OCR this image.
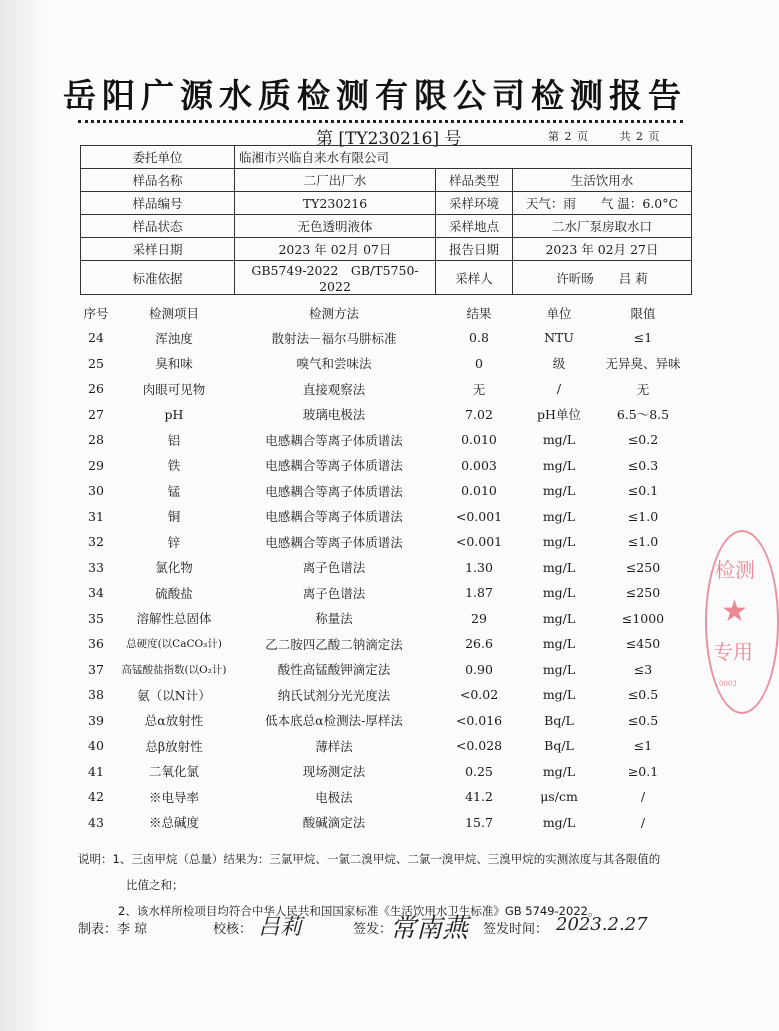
岳阳广源水质检测有限公司检测报告
第 [TY230216] 号	第 2 页	共 2 页
委托单位	临湘市兴临自来水有限公司		
样品名称	二厂出厂水	样品类型	生活饮用水
样品编号	TY230216	采样环境	天气：雨　　气 温：6.0°C
样品状态	无色透明液体	采样地点	二水厂泵房取水口
采样日期	2023 年 02月 07日	报告日期	2023 年 02月 27日
标准依据	GB5749-2022　GB/T5750-2022	采样人	许昕旸　　吕 莉
序号	检测项目	检测方法	结果	单位	限值
24	浑浊度	散射法－福尔马肼标准	0.8	NTU	≤1
25	臭和味	嗅气和尝味法	0	级	无异臭、异味
26	肉眼可见物	直接观察法	无	/	无
27	pH	玻璃电极法	7.02	pH单位	6.5～8.5
28	铝	电感耦合等离子体质谱法	0.010	mg/L	≤0.2
29	铁	电感耦合等离子体质谱法	0.003	mg/L	≤0.3
30	锰	电感耦合等离子体质谱法	0.010	mg/L	≤0.1
31	铜	电感耦合等离子体质谱法	<0.001	mg/L	≤1.0
32	锌	电感耦合等离子体质谱法	<0.001	mg/L	≤1.0
33	氯化物	离子色谱法	1.30	mg/L	≤250
34	硫酸盐	离子色谱法	1.87	mg/L	≤250
35	溶解性总固体	称量法	29	mg/L	≤1000
36	总硬度(以CaCO₃计)	乙二胺四乙酸二钠滴定法	26.6	mg/L	≤450
37	高锰酸盐指数(以O₂计)	酸性高锰酸钾滴定法	0.90	mg/L	≤3
38	氨（以N计）	纳氏试剂分光光度法	<0.02	mg/L	≤0.5
39	总α放射性	低本底总α检测法-厚样法	<0.016	Bq/L	≤0.5
40	总β放射性	薄样法	<0.028	Bq/L	≤1
41	二氧化氯	现场测定法	0.25	mg/L	≥0.1
42	※电导率	电极法	41.2	μs/cm	/
43	※总碱度	酸碱滴定法	15.7	mg/L	/
说明：1、三卤甲烷（总量）结果为：三氯甲烷、一氯二溴甲烷、二氯一溴甲烷、三溴甲烷的实测浓度与其各限值的
比值之和；
2、该水样所检项目均符合中华人民共和国国家标准《生活饮用水卫生标准》GB 5749-2022。
制表：李 琼	校核： 吕莉	签发：
常南燕 签发时间： 2023.2.27
检测
★
专用
0003
